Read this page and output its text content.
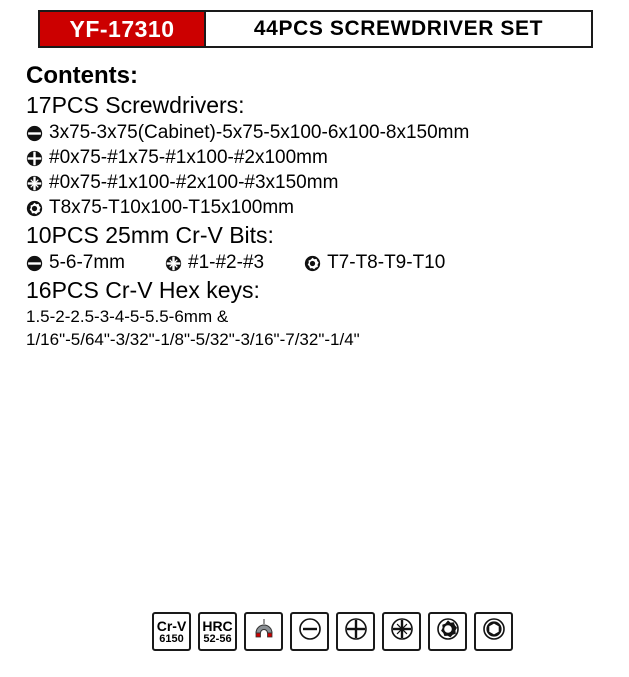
YF-17310	44PCS SCREWDRIVER SET
Contents:
17PCS Screwdrivers:
3x75-3x75(Cabinet)-5x75-5x100-6x100-8x150mm
#0x75-#1x75-#1x100-#2x100mm
#0x75-#1x100-#2x100-#3x150mm
T8x75-T10x100-T15x100mm
10PCS 25mm Cr-V Bits:
5-6-7mm	#1-#2-#3	T7-T8-T9-T10
16PCS Cr-V Hex keys:
1.5-2-2.5-3-4-5-5.5-6mm &
1/16"-5/64"-3/32"-1/8"-5/32"-3/16"-7/32"-1/4"
Cr-V
6150
HRC
52-56
